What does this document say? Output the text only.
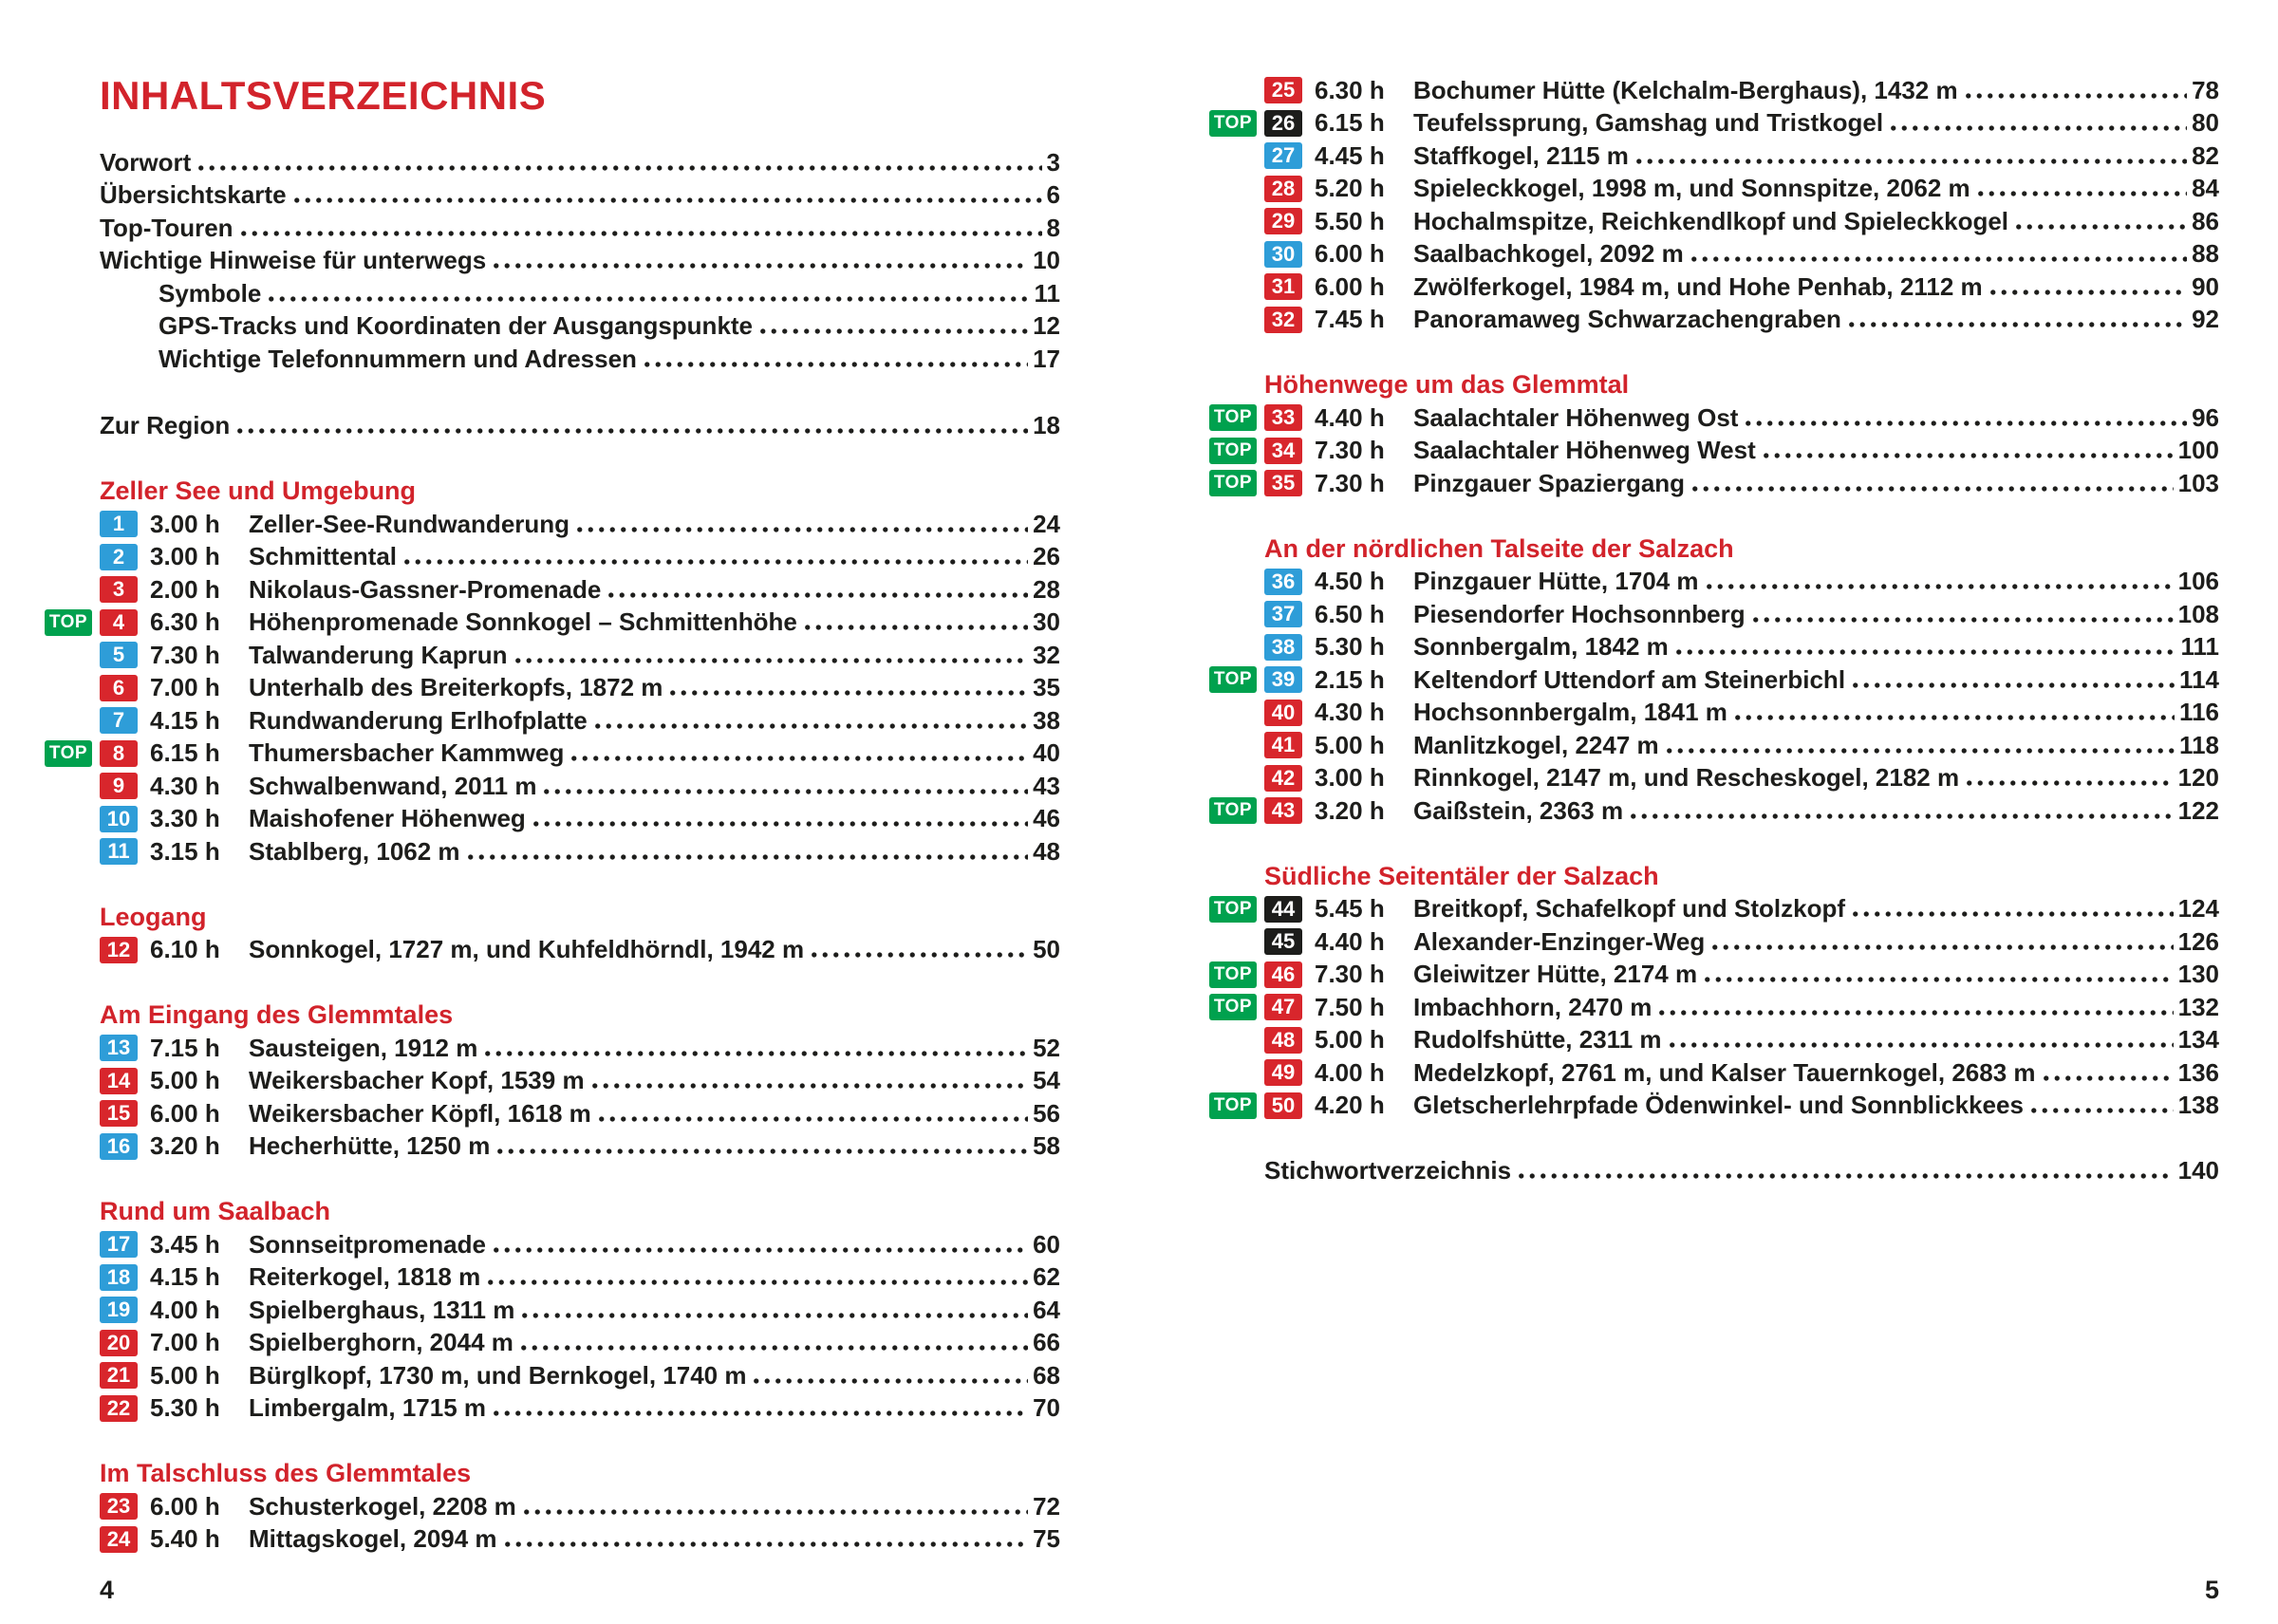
INHALTSVERZEICHNIS
Vorwort	3
Übersichtskarte	6
Top-Touren	8
Wichtige Hinweise für unterwegs	10
Symbole	11
GPS-Tracks und Koordinaten der Ausgangspunkte	12
Wichtige Telefonnummern und Adressen	17
Zur Region	18
Zeller See und Umgebung
1	3.00 h	Zeller-See-Rundwanderung	24
2	3.00 h	Schmittental	26
3	2.00 h	Nikolaus-Gassner-Promenade	28
TOP	4	6.30 h	Höhenpromenade Sonnkogel – Schmittenhöhe	30
5	7.30 h	Talwanderung Kaprun	32
6	7.00 h	Unterhalb des Breiterkopfs, 1872 m	35
7	4.15 h	Rundwanderung Erlhofplatte	38
TOP	8	6.15 h	Thumersbacher Kammweg	40
9	4.30 h	Schwalbenwand, 2011 m	43
10 3.30 h	Maishofener Höhenweg	46
11 3.15 h	Stablberg, 1062 m	48
Leogang
12 6.10 h	Sonnkogel, 1727 m, und Kuhfeldhörndl, 1942 m	50
Am Eingang des Glemmtales
13 7.15 h	Sausteigen, 1912 m	52
14 5.00 h	Weikersbacher Kopf, 1539 m	54
15 6.00 h	Weikersbacher Köpfl, 1618 m	56
16 3.20 h	Hecherhütte, 1250 m	58
Rund um Saalbach
17 3.45 h	Sonnseitpromenade	60
18 4.15 h	Reiterkogel, 1818 m	62
19 4.00 h	Spielberghaus, 1311 m	64
20 7.00 h	Spielberghorn, 2044 m	66
21 5.00 h	Bürglkopf, 1730 m, und Bernkogel, 1740 m	68
22 5.30 h	Limbergalm, 1715 m	70
Im Talschluss des Glemmtales
23 6.00 h	Schusterkogel, 2208 m	72
24 5.40 h	Mittagskogel, 2094 m	75
25 6.30 h	Bochumer Hütte (Kelchalm-Berghaus), 1432 m	78
TOP 26 6.15 h	Teufelssprung, Gamshag und Tristkogel	80
27 4.45 h	Staffkogel, 2115 m	82
28 5.20 h	Spieleckkogel, 1998 m, und Sonnspitze, 2062 m	84
29 5.50 h	Hochalmspitze, Reichkendlkopf und Spieleckkogel	86
30 6.00 h	Saalbachkogel, 2092 m	88
31 6.00 h	Zwölferkogel, 1984 m, und Hohe Penhab, 2112 m	90
32 7.45 h	Panoramaweg Schwarzachengraben	92
Höhenwege um das Glemmtal
TOP 33 4.40 h	Saalachtaler Höhenweg Ost	96
TOP 34 7.30 h	Saalachtaler Höhenweg West	100
TOP 35 7.30 h	Pinzgauer Spaziergang	103
An der nördlichen Talseite der Salzach
36 4.50 h	Pinzgauer Hütte, 1704 m	106
37 6.50 h	Piesendorfer Hochsonnberg	108
38 5.30 h	Sonnbergalm, 1842 m	111
TOP 39 2.15 h	Keltendorf Uttendorf am Steinerbichl	114
40 4.30 h	Hochsonnbergalm, 1841 m	116
41 5.00 h	Manlitzkogel, 2247 m	118
42 3.00 h	Rinnkogel, 2147 m, und Rescheskogel, 2182 m	120
TOP 43 3.20 h	Gaißstein, 2363 m	122
Südliche Seitentäler der Salzach
TOP 44 5.45 h	Breitkopf, Schafelkopf und Stolzkopf	124
45 4.40 h	Alexander-Enzinger-Weg	126
TOP 46 7.30 h	Gleiwitzer Hütte, 2174 m	130
TOP 47 7.50 h	Imbachhorn, 2470 m	132
48 5.00 h	Rudolfshütte, 2311 m	134
49 4.00 h	Medelzkopf, 2761 m, und Kalser Tauernkogel, 2683 m	136
TOP 50 4.20 h	Gletscherlehrpfade Ödenwinkel- und Sonnblickkees	138
Stichwortverzeichnis	140
4	5
